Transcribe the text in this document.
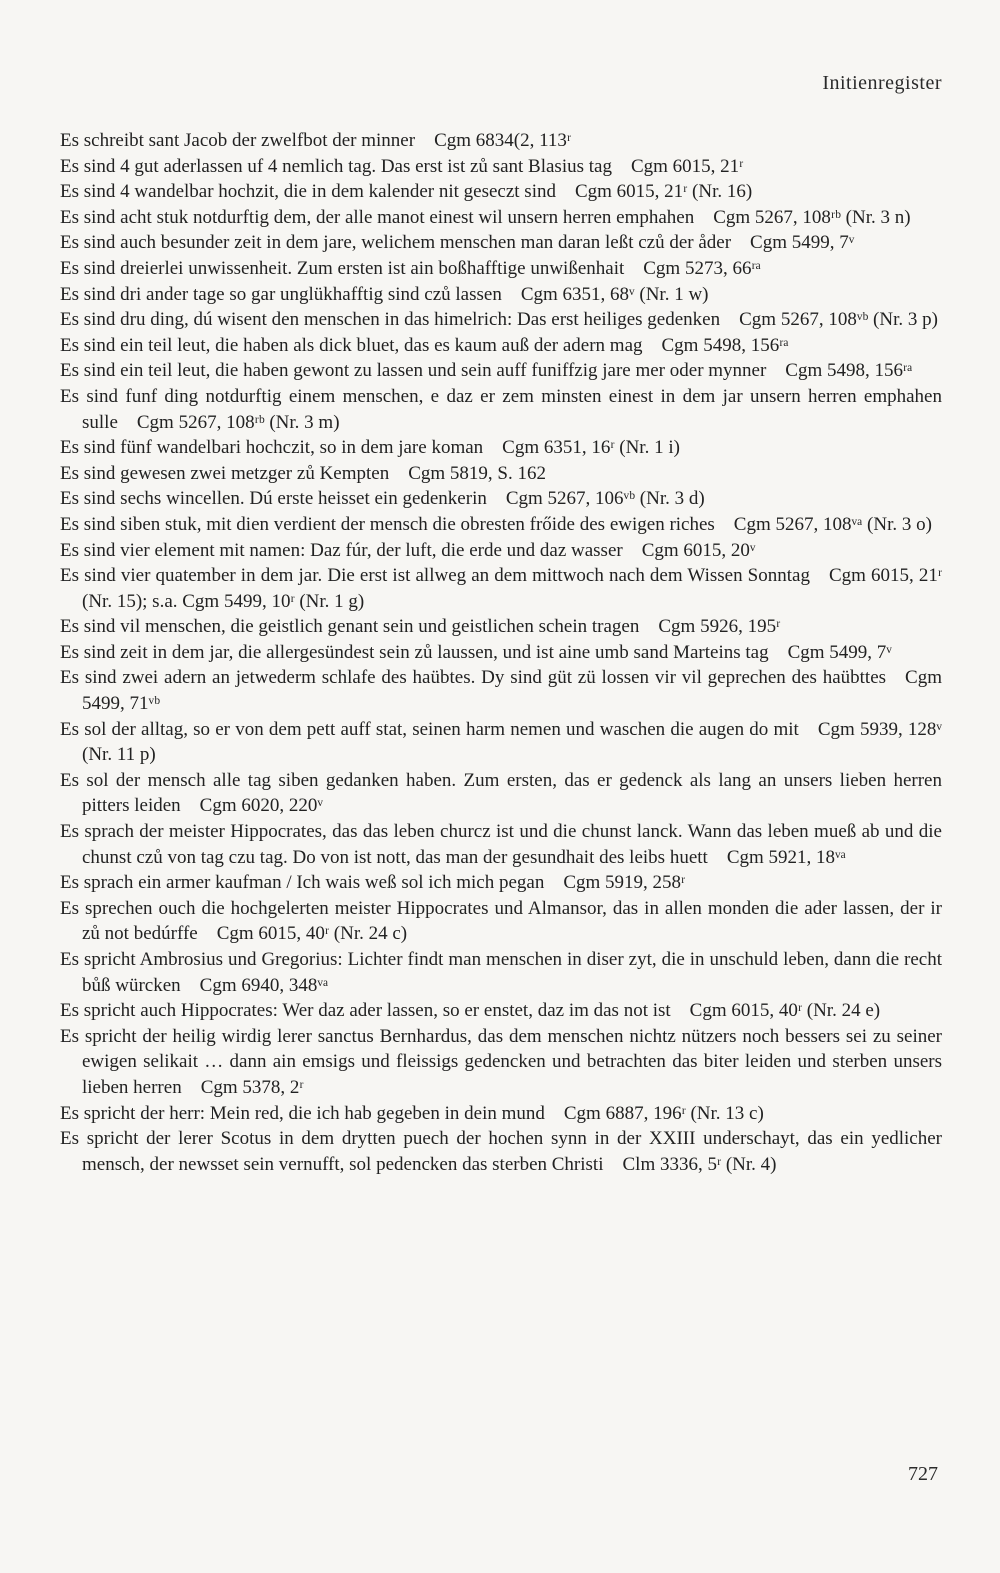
Initienregister
Es schreibt sant Jacob der zwelfbot der minner Cgm 6834(2, 113ʳ
Es sind 4 gut aderlassen uf 4 nemlich tag. Das erst ist zů sant Blasius tag Cgm 6015, 21ʳ
Es sind 4 wandelbar hochzit, die in dem kalender nit geseczt sind Cgm 6015, 21ʳ (Nr. 16)
Es sind acht stuk notdurftig dem, der alle manot einest wil unsern herren emphahen Cgm 5267, 108ʳᵇ (Nr. 3 n)
Es sind auch besunder zeit in dem jare, welichem menschen man daran leßt czů der åder Cgm 5499, 7ᵛ
Es sind dreierlei unwissenheit. Zum ersten ist ain boßhafftige unwißenhait Cgm 5273, 66ʳᵃ
Es sind dri ander tage so gar unglükhafftig sind czů lassen Cgm 6351, 68ᵛ (Nr. 1 w)
Es sind dru ding, dú wisent den menschen in das himelrich: Das erst heiliges gedenken Cgm 5267, 108ᵛᵇ (Nr. 3 p)
Es sind ein teil leut, die haben als dick bluet, das es kaum auß der adern mag Cgm 5498, 156ʳᵃ
Es sind ein teil leut, die haben gewont zu lassen und sein auff funiffzig jare mer oder mynner Cgm 5498, 156ʳᵃ
Es sind funf ding notdurftig einem menschen, e daz er zem minsten einest in dem jar unsern herren emphahen sulle Cgm 5267, 108ʳᵇ (Nr. 3 m)
Es sind fünf wandelbari hochczit, so in dem jare koman Cgm 6351, 16ʳ (Nr. 1 i)
Es sind gewesen zwei metzger zů Kempten Cgm 5819, S. 162
Es sind sechs wincellen. Dú erste heisset ein gedenkerin Cgm 5267, 106ᵛᵇ (Nr. 3 d)
Es sind siben stuk, mit dien verdient der mensch die obresten frőide des ewigen riches Cgm 5267, 108ᵛᵃ (Nr. 3 o)
Es sind vier element mit namen: Daz fúr, der luft, die erde und daz wasser Cgm 6015, 20ᵛ
Es sind vier quatember in dem jar. Die erst ist allweg an dem mittwoch nach dem Wissen Sonntag Cgm 6015, 21ʳ (Nr. 15); s.a. Cgm 5499, 10ʳ (Nr. 1 g)
Es sind vil menschen, die geistlich genant sein und geistlichen schein tragen Cgm 5926, 195ʳ
Es sind zeit in dem jar, die allergesündest sein zů laussen, und ist aine umb sand Marteins tag Cgm 5499, 7ᵛ
Es sind zwei adern an jetwederm schlafe des haübtes. Dy sind güt zü lossen vir vil geprechen des haübttes Cgm 5499, 71ᵛᵇ
Es sol der alltag, so er von dem pett auff stat, seinen harm nemen und waschen die augen do mit Cgm 5939, 128ᵛ (Nr. 11 p)
Es sol der mensch alle tag siben gedanken haben. Zum ersten, das er gedenck als lang an unsers lieben herren pitters leiden Cgm 6020, 220ᵛ
Es sprach der meister Hippocrates, das das leben churcz ist und die chunst lanck. Wann das leben mueß ab und die chunst czů von tag czu tag. Do von ist nott, das man der gesundhait des leibs huett Cgm 5921, 18ᵛᵃ
Es sprach ein armer kaufman / Ich wais weß sol ich mich pegan Cgm 5919, 258ʳ
Es sprechen ouch die hochgelerten meister Hippocrates und Almansor, das in allen monden die ader lassen, der ir zů not bedúrffe Cgm 6015, 40ʳ (Nr. 24 c)
Es spricht Ambrosius und Gregorius: Lichter findt man menschen in diser zyt, die in unschuld leben, dann die recht bůß würcken Cgm 6940, 348ᵛᵃ
Es spricht auch Hippocrates: Wer daz ader lassen, so er enstet, daz im das not ist Cgm 6015, 40ʳ (Nr. 24 e)
Es spricht der heilig wirdig lerer sanctus Bernhardus, das dem menschen nichtz nützers noch bessers sei zu seiner ewigen selikait … dann ain emsigs und fleissigs gedencken und betrachten das biter leiden und sterben unsers lieben herren Cgm 5378, 2ʳ
Es spricht der herr: Mein red, die ich hab gegeben in dein mund Cgm 6887, 196ʳ (Nr. 13 c)
Es spricht der lerer Scotus in dem drytten puech der hochen synn in der XXIII underschayt, das ein yedlicher mensch, der newsset sein vernufft, sol pedencken das sterben Christi Clm 3336, 5ʳ (Nr. 4)
727
